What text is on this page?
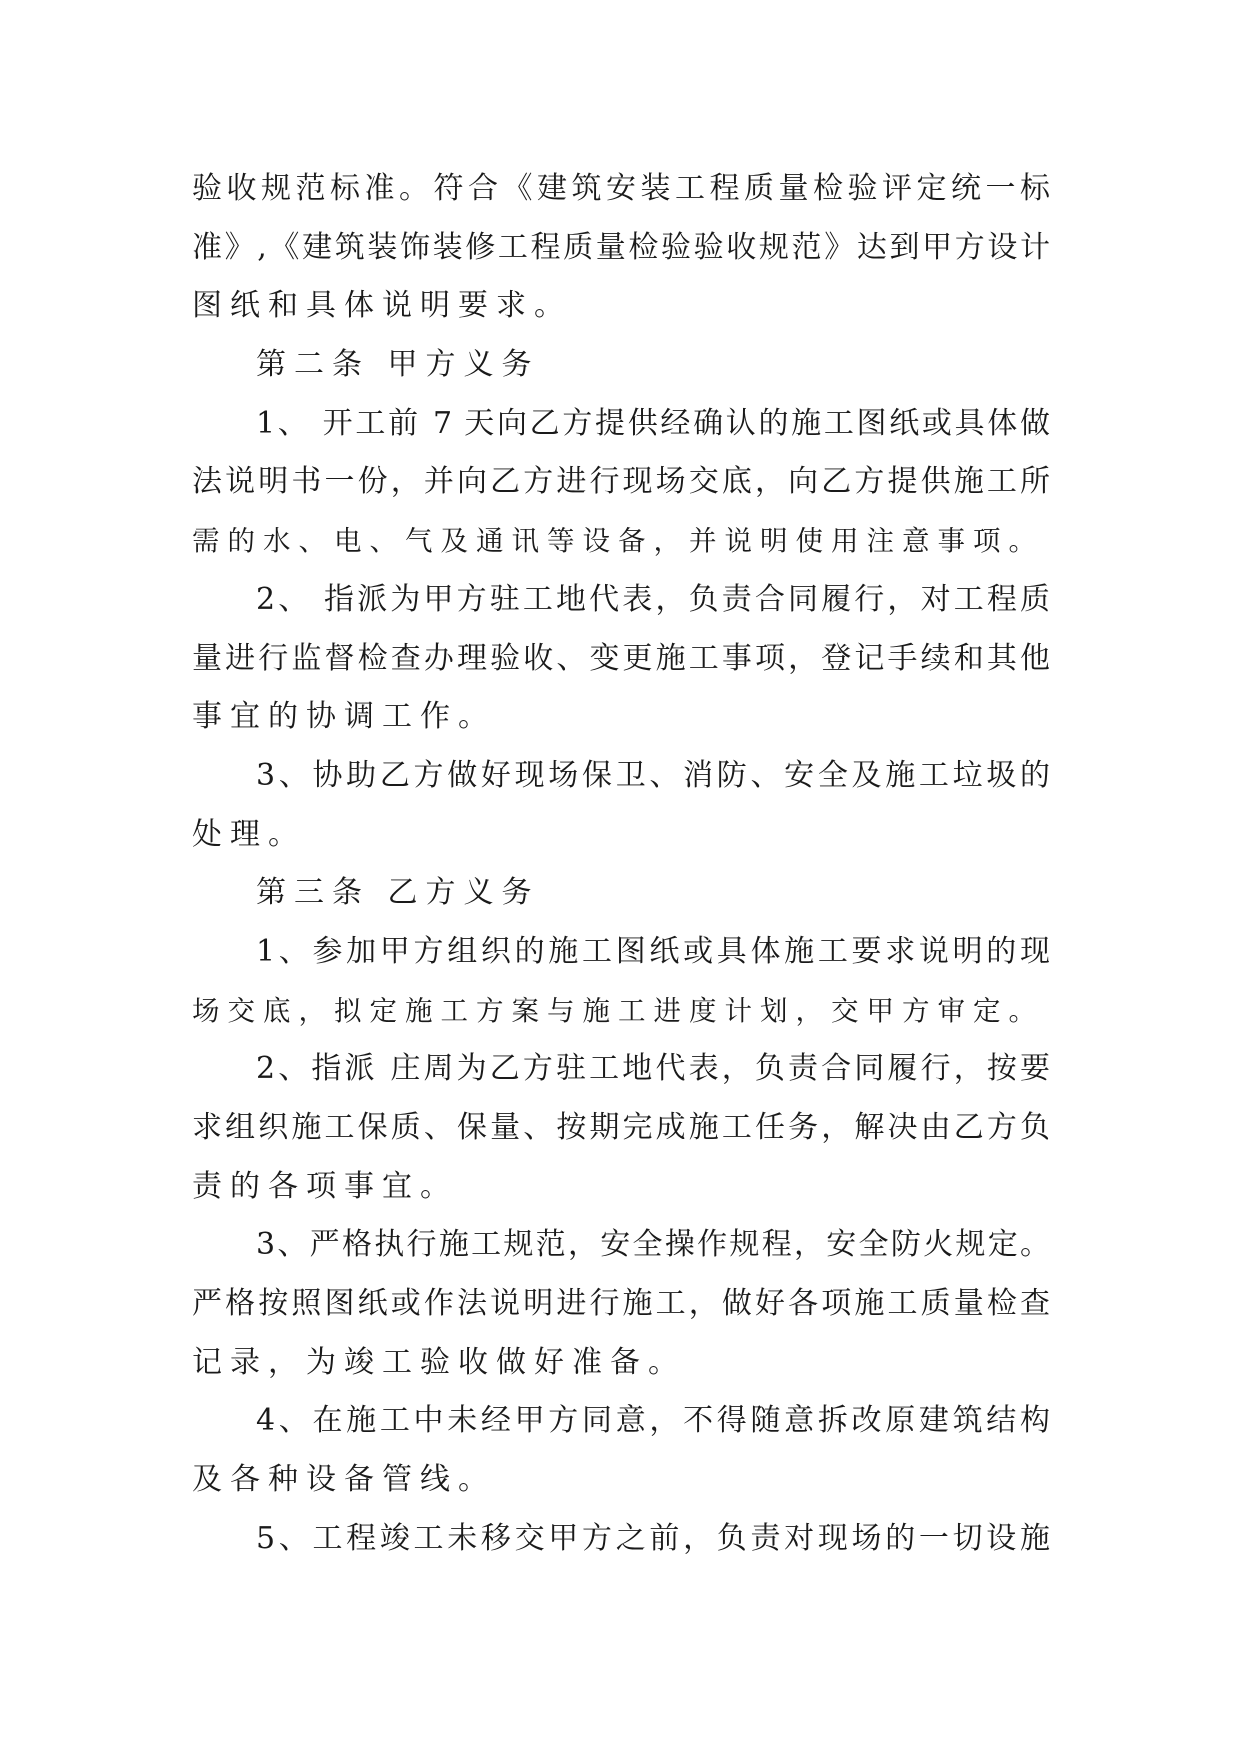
验收规范标准。符合《建筑安装工程质量检验评定统一标
准》,《建筑装饰装修工程质量检验验收规范》达到甲方设计
图纸和具体说明要求。
第二条 甲方义务
1、 开工前 7 天向乙方提供经确认的施工图纸或具体做
法说明书一份，并向乙方进行现场交底，向乙方提供施工所
需的水、电、气及通讯等设备，并说明使用注意事项。
2、 指派为甲方驻工地代表，负责合同履行，对工程质
量进行监督检查办理验收、变更施工事项，登记手续和其他
事宜的协调工作。
3、协助乙方做好现场保卫、消防、安全及施工垃圾的
处理。
第三条 乙方义务
1、参加甲方组织的施工图纸或具体施工要求说明的现
场交底，拟定施工方案与施工进度计划，交甲方审定。
2、指派 庄周为乙方驻工地代表，负责合同履行，按要
求组织施工保质、保量、按期完成施工任务，解决由乙方负
责的各项事宜。
3、严格执行施工规范，安全操作规程，安全防火规定。
严格按照图纸或作法说明进行施工，做好各项施工质量检查
记录，为竣工验收做好准备。
4、在施工中未经甲方同意，不得随意拆改原建筑结构
及各种设备管线。
5、工程竣工未移交甲方之前，负责对现场的一切设施
